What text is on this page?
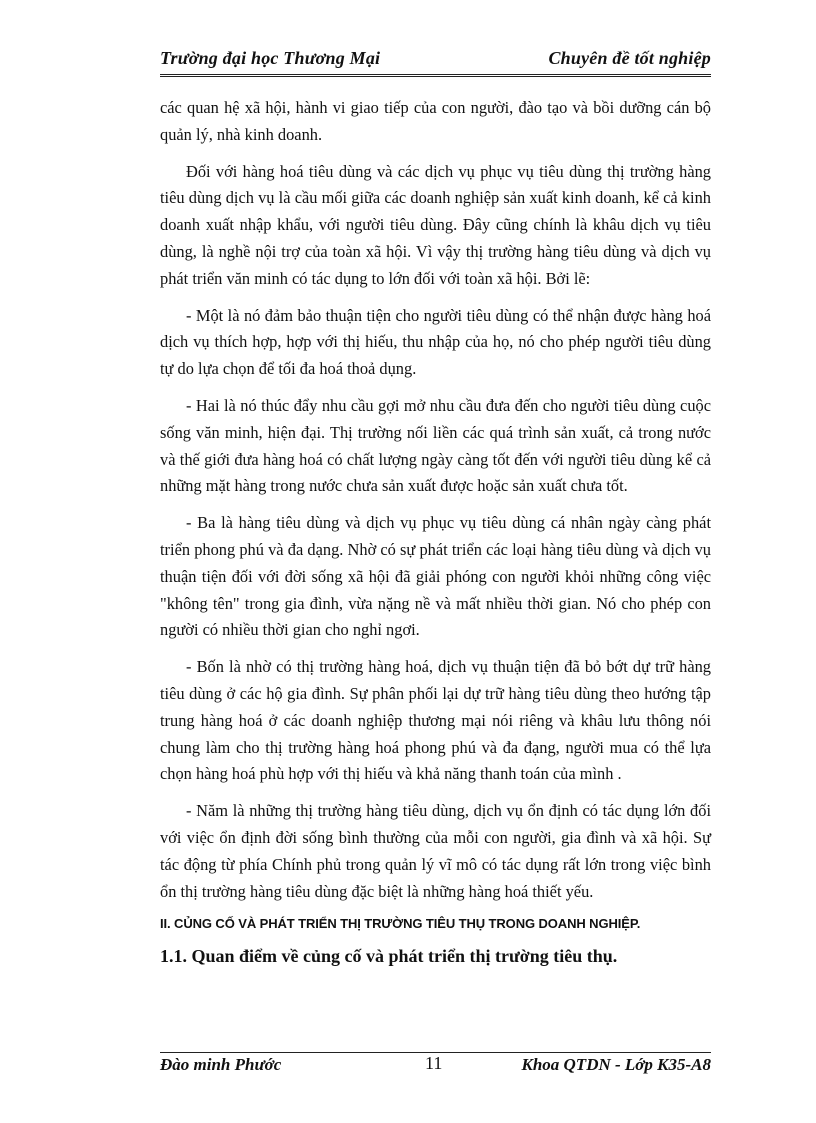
Trường đại học Thương Mại	Chuyên đề tốt nghiệp

các quan hệ xã hội, hành vi giao tiếp của con người, đào tạo và bồi dưỡng cán bộ quản lý, nhà kinh doanh.

Đối với hàng hoá tiêu dùng và các dịch vụ phục vụ tiêu dùng thị trường hàng tiêu dùng dịch vụ là cầu mối giữa các doanh nghiệp sản xuất kinh doanh, kể cả kinh doanh xuất nhập khẩu, với người tiêu dùng. Đây cũng chính là khâu dịch vụ tiêu dùng, là nghề nội trợ của toàn xã hội. Vì vậy thị trường hàng tiêu dùng và dịch vụ phát triển văn minh có tác dụng to lớn đối với toàn xã hội. Bởi lẽ:

- Một là nó đảm bảo thuận tiện cho người tiêu dùng có thể nhận được hàng hoá dịch vụ thích hợp, hợp với thị hiếu, thu nhập của họ, nó cho phép người tiêu dùng tự do lựa chọn để tối đa hoá thoả dụng.

- Hai là nó thúc đẩy nhu cầu gợi mở nhu cầu đưa đến cho người tiêu dùng cuộc sống văn minh, hiện đại. Thị trường nối liền các quá trình sản xuất, cả trong nước và thế giới đưa hàng hoá có chất lượng ngày càng tốt đến với người tiêu dùng kể cả những mặt hàng trong nước chưa sản xuất được hoặc sản xuất chưa tốt.

- Ba là hàng tiêu dùng và dịch vụ phục vụ tiêu dùng cá nhân ngày càng phát triển phong phú và đa dạng. Nhờ có sự phát triển các loại hàng tiêu dùng và dịch vụ thuận tiện đối với đời sống xã hội đã giải phóng con người khỏi những công việc "không tên" trong gia đình, vừa nặng nề và mất nhiều thời gian. Nó cho phép con người có nhiều thời gian cho nghỉ ngơi.

- Bốn là nhờ có thị trường hàng hoá, dịch vụ thuận tiện đã bỏ bớt dự trữ hàng tiêu dùng ở các hộ gia đình. Sự phân phối lại dự trữ hàng tiêu dùng theo hướng tập trung hàng hoá ở các doanh nghiệp thương mại nói riêng và khâu lưu thông nói chung làm cho thị trường hàng hoá phong phú và đa đạng, người mua có thể lựa chọn hàng hoá phù hợp với thị hiếu và khả năng thanh toán của mình .

- Năm là những thị trường hàng tiêu dùng, dịch vụ ổn định có tác dụng lớn đối với việc ổn định đời sống bình thường của mỗi con người, gia đình và xã hội. Sự tác động từ phía Chính phủ trong quản lý vĩ mô có tác dụng rất lớn trong việc bình ổn thị trường hàng tiêu dùng đặc biệt là những hàng hoá thiết yếu.

II. CỦNG CỐ VÀ PHÁT TRIỂN THỊ TRƯỜNG TIÊU THỤ TRONG DOANH NGHIỆP.

1.1. Quan điểm về củng cố và phát triển thị trường tiêu thụ.

Đào minh Phước	11	Khoa QTDN - Lớp K35-A8
